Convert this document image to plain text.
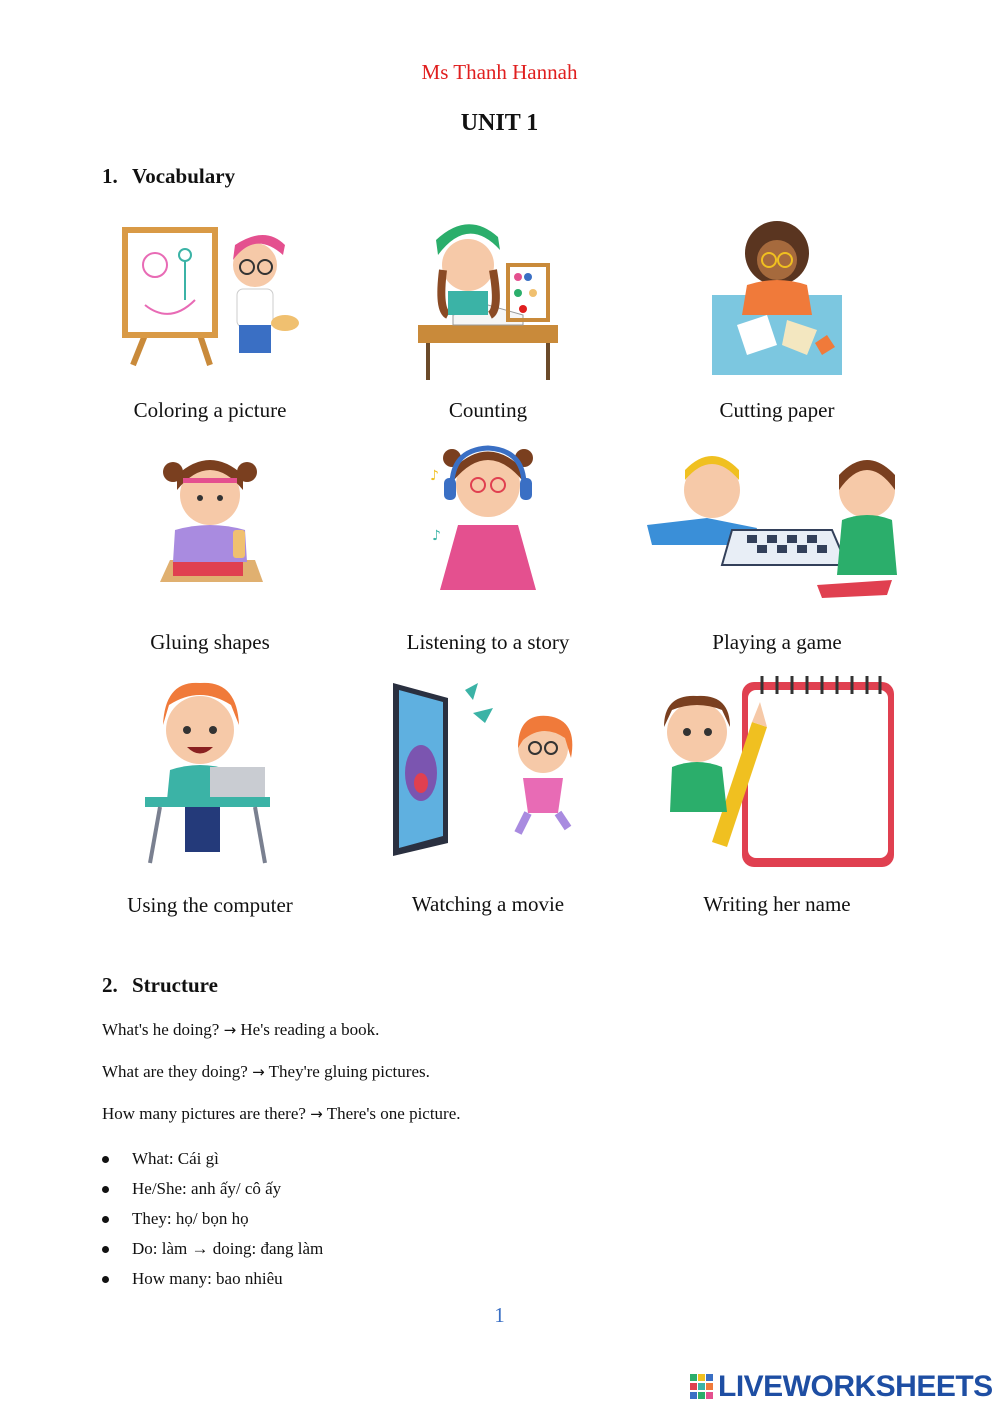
Ms Thanh Hannah
UNIT 1
1. Vocabulary
Coloring a picture	Counting	Cutting paper
Gluing shapes
♪
♪
Listening to a story	Playing a game
Using the computer	Watching a movie	Writing her name
2. Structure
What's he doing? → He's reading a book.
What are they doing? → They're gluing pictures.
How many pictures are there? → There's one picture.
What: Cái gì
He/She: anh ấy/ cô ấy
They: họ/ bọn họ
Do: làm → doing: đang làm
How many: bao nhiêu
1
LIVEWORKSHEETS
